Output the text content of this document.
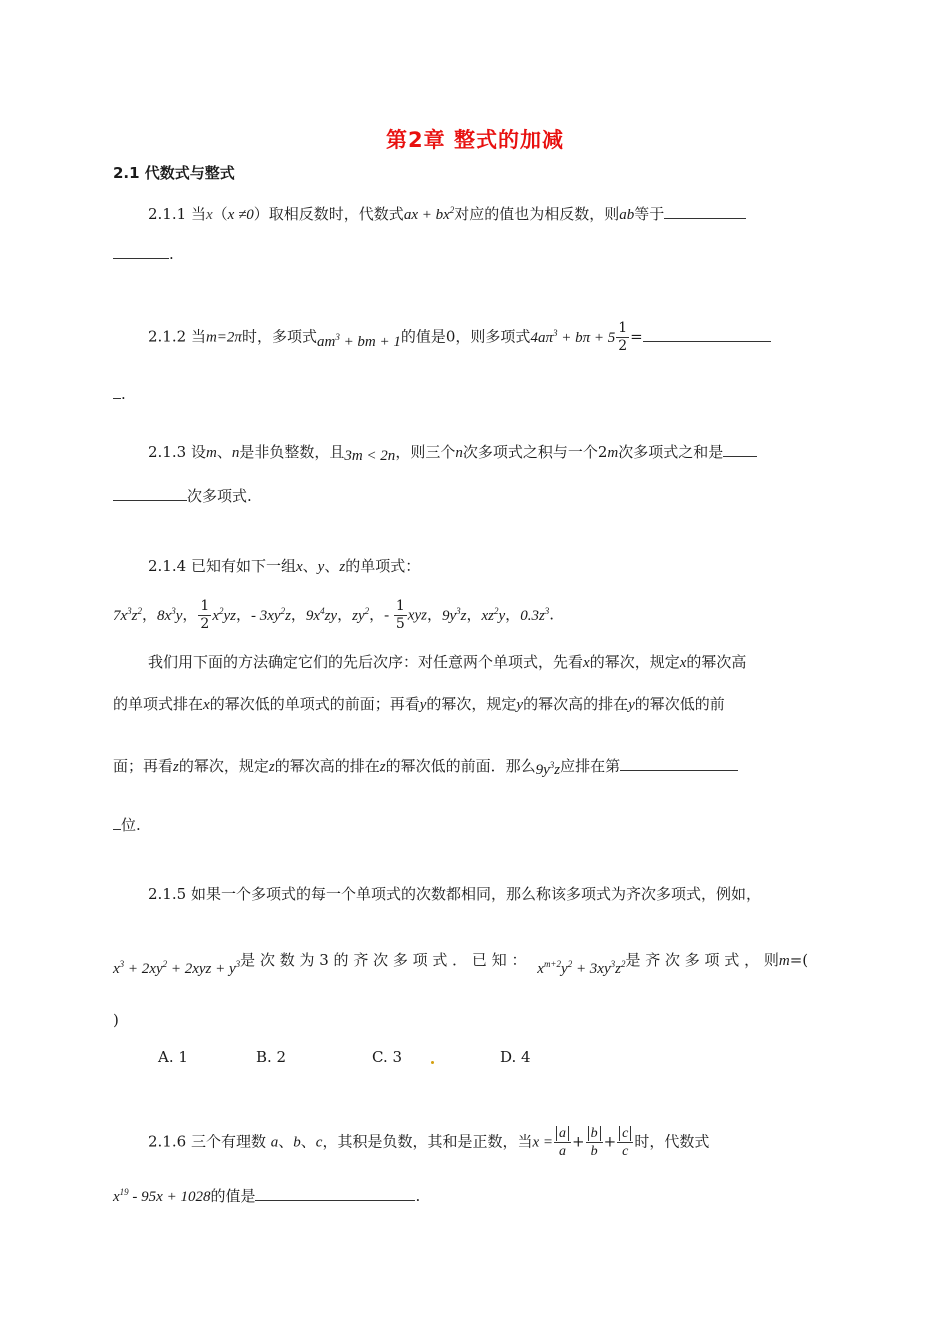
第2章 整式的加减
2.1 代数式与整式
2.1.1 当x（x ≠0）取相反数时，代数式ax + $bx^2$对应的值也为相反数，则ab等于
.
2.1.2 当m=2π时，多项式$am^3$ + bm + 1的值是0，则多项式$4a\pi^3 + b\pi + 5 \frac{1}{2}$ =
.
2.1.3 设m、n是非负整数，且3m < 2n，则三个n次多项式之积与一个2m次多项式之和是
次多项式.
2.1.4 已知有如下一组x、y、z的单项式：
$7x^3z^2$，$8x^3y$， $\frac{1}{2} x^2yz$，- $3xy^2z$，$9x^4zy$，$zy^2$，- $\frac{1}{5}$ xyz，$9y^3z$，$xz^2y$，$0.3z^3$.
我们用下面的方法确定它们的先后次序：对任意两个单项式，先看x的幂次，规定x的幂次高
的单项式排在x的幂次低的单项式的前面；再看y的幂次，规定y的幂次高的排在y的幂次低的前
面；再看z的幂次，规定z的幂次高的排在z的幂次低的前面．那么$9y^3z$应排在第
位.
2.1.5 如果一个多项式的每一个单项式的次数都相同，那么称该多项式为齐次多项式，例如，
$x^3 + 2xy^2 + 2xyz + y^3$是 次 数 为 3 的 齐 次 多 项 式 ． 已 知 ： $x^{m+2}y^2 + 3xy^3z^2$是 齐 次 多 项 式 ， 则m=(
)
A. 1	B. 2	C. 3	D. 4
2.1.6 三个有理数 a、b、c，其积是负数，其和是正数，当$x = \frac{a}{a} + \frac{b}{b} + \frac{c}{c}$ 时，代数式
$x^{19} - 95x + 1028$的值是	.
